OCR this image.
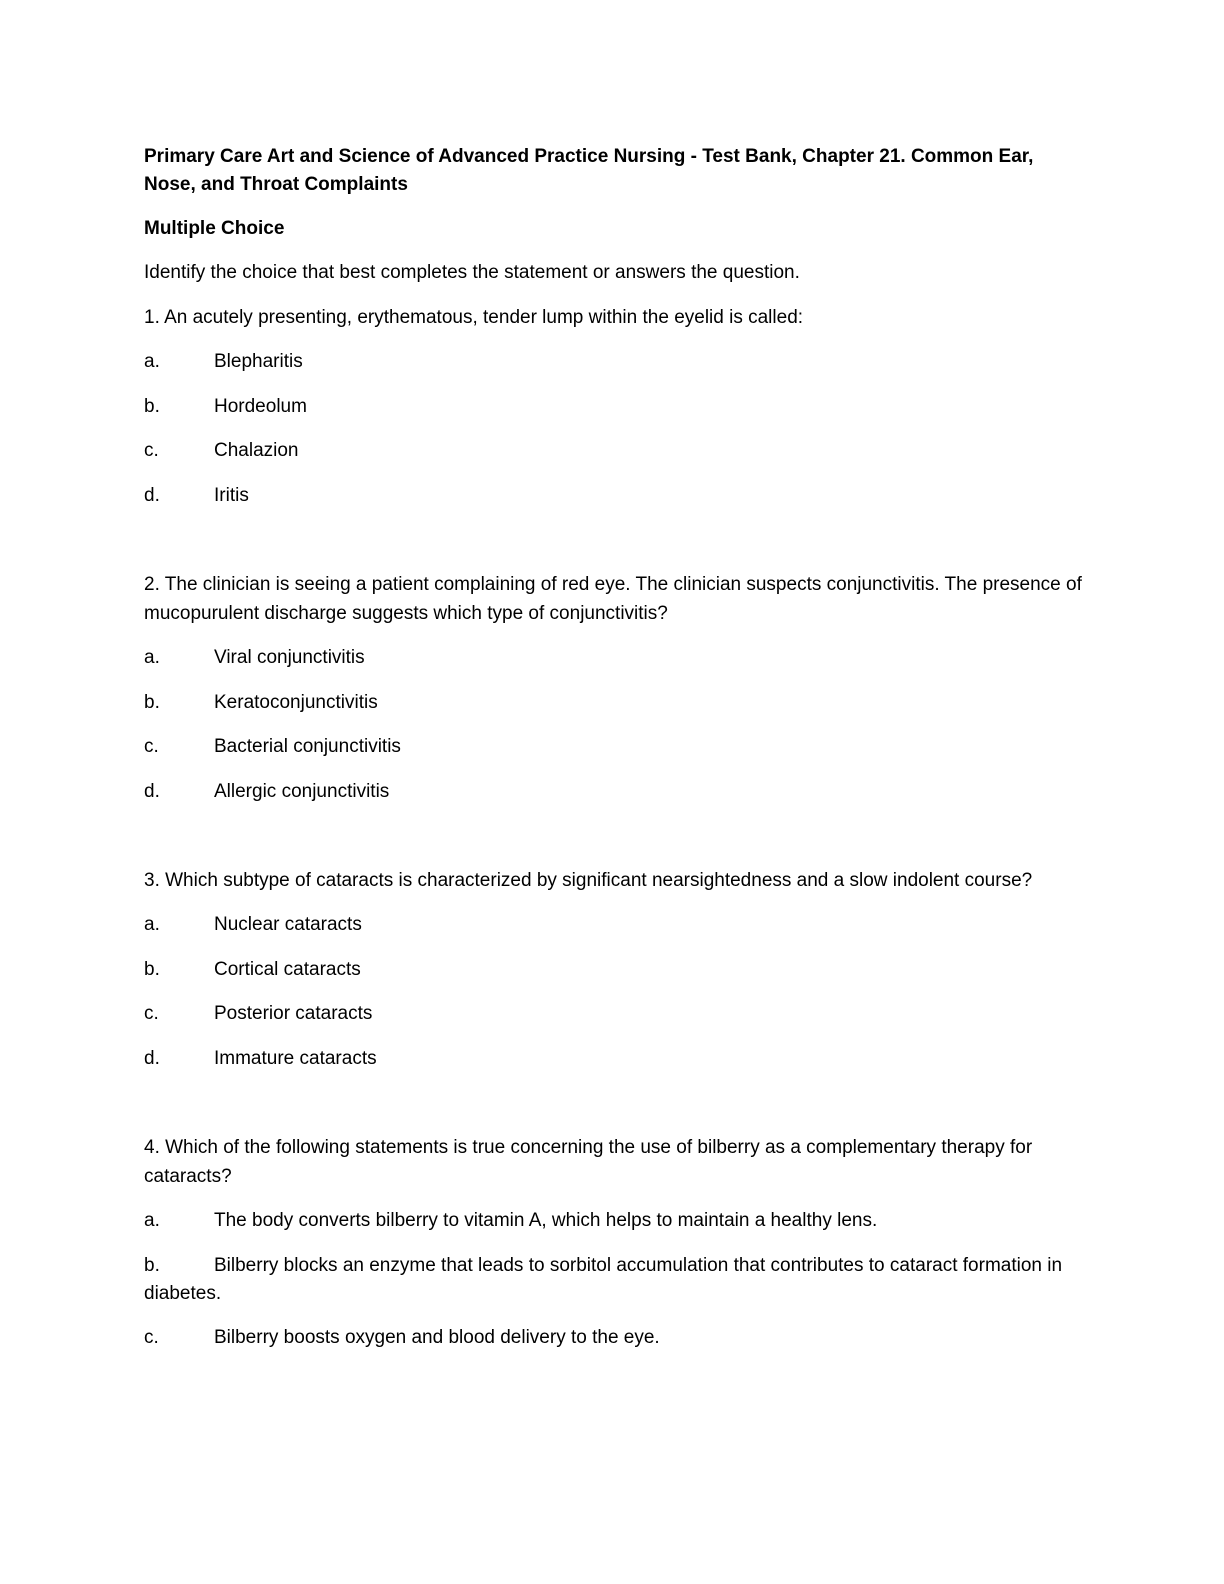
Primary Care Art and Science of Advanced Practice Nursing - Test Bank, Chapter 21. Common Ear, Nose, and Throat Complaints
Multiple Choice
Identify the choice that best completes the statement or answers the question.
1. An acutely presenting, erythematous, tender lump within the eyelid is called:
a.	Blepharitis
b.	Hordeolum
c.	Chalazion
d.	Iritis
2. The clinician is seeing a patient complaining of red eye. The clinician suspects conjunctivitis. The presence of mucopurulent discharge suggests which type of conjunctivitis?
a.	Viral conjunctivitis
b.	Keratoconjunctivitis
c.	Bacterial conjunctivitis
d.	Allergic conjunctivitis
3. Which subtype of cataracts is characterized by significant nearsightedness and a slow indolent course?
a.	Nuclear cataracts
b.	Cortical cataracts
c.	Posterior cataracts
d.	Immature cataracts
4. Which of the following statements is true concerning the use of bilberry as a complementary therapy for cataracts?
a.	The body converts bilberry to vitamin A, which helps to maintain a healthy lens.
b.	Bilberry blocks an enzyme that leads to sorbitol accumulation that contributes to cataract formation in diabetes.
c.	Bilberry boosts oxygen and blood delivery to the eye.
